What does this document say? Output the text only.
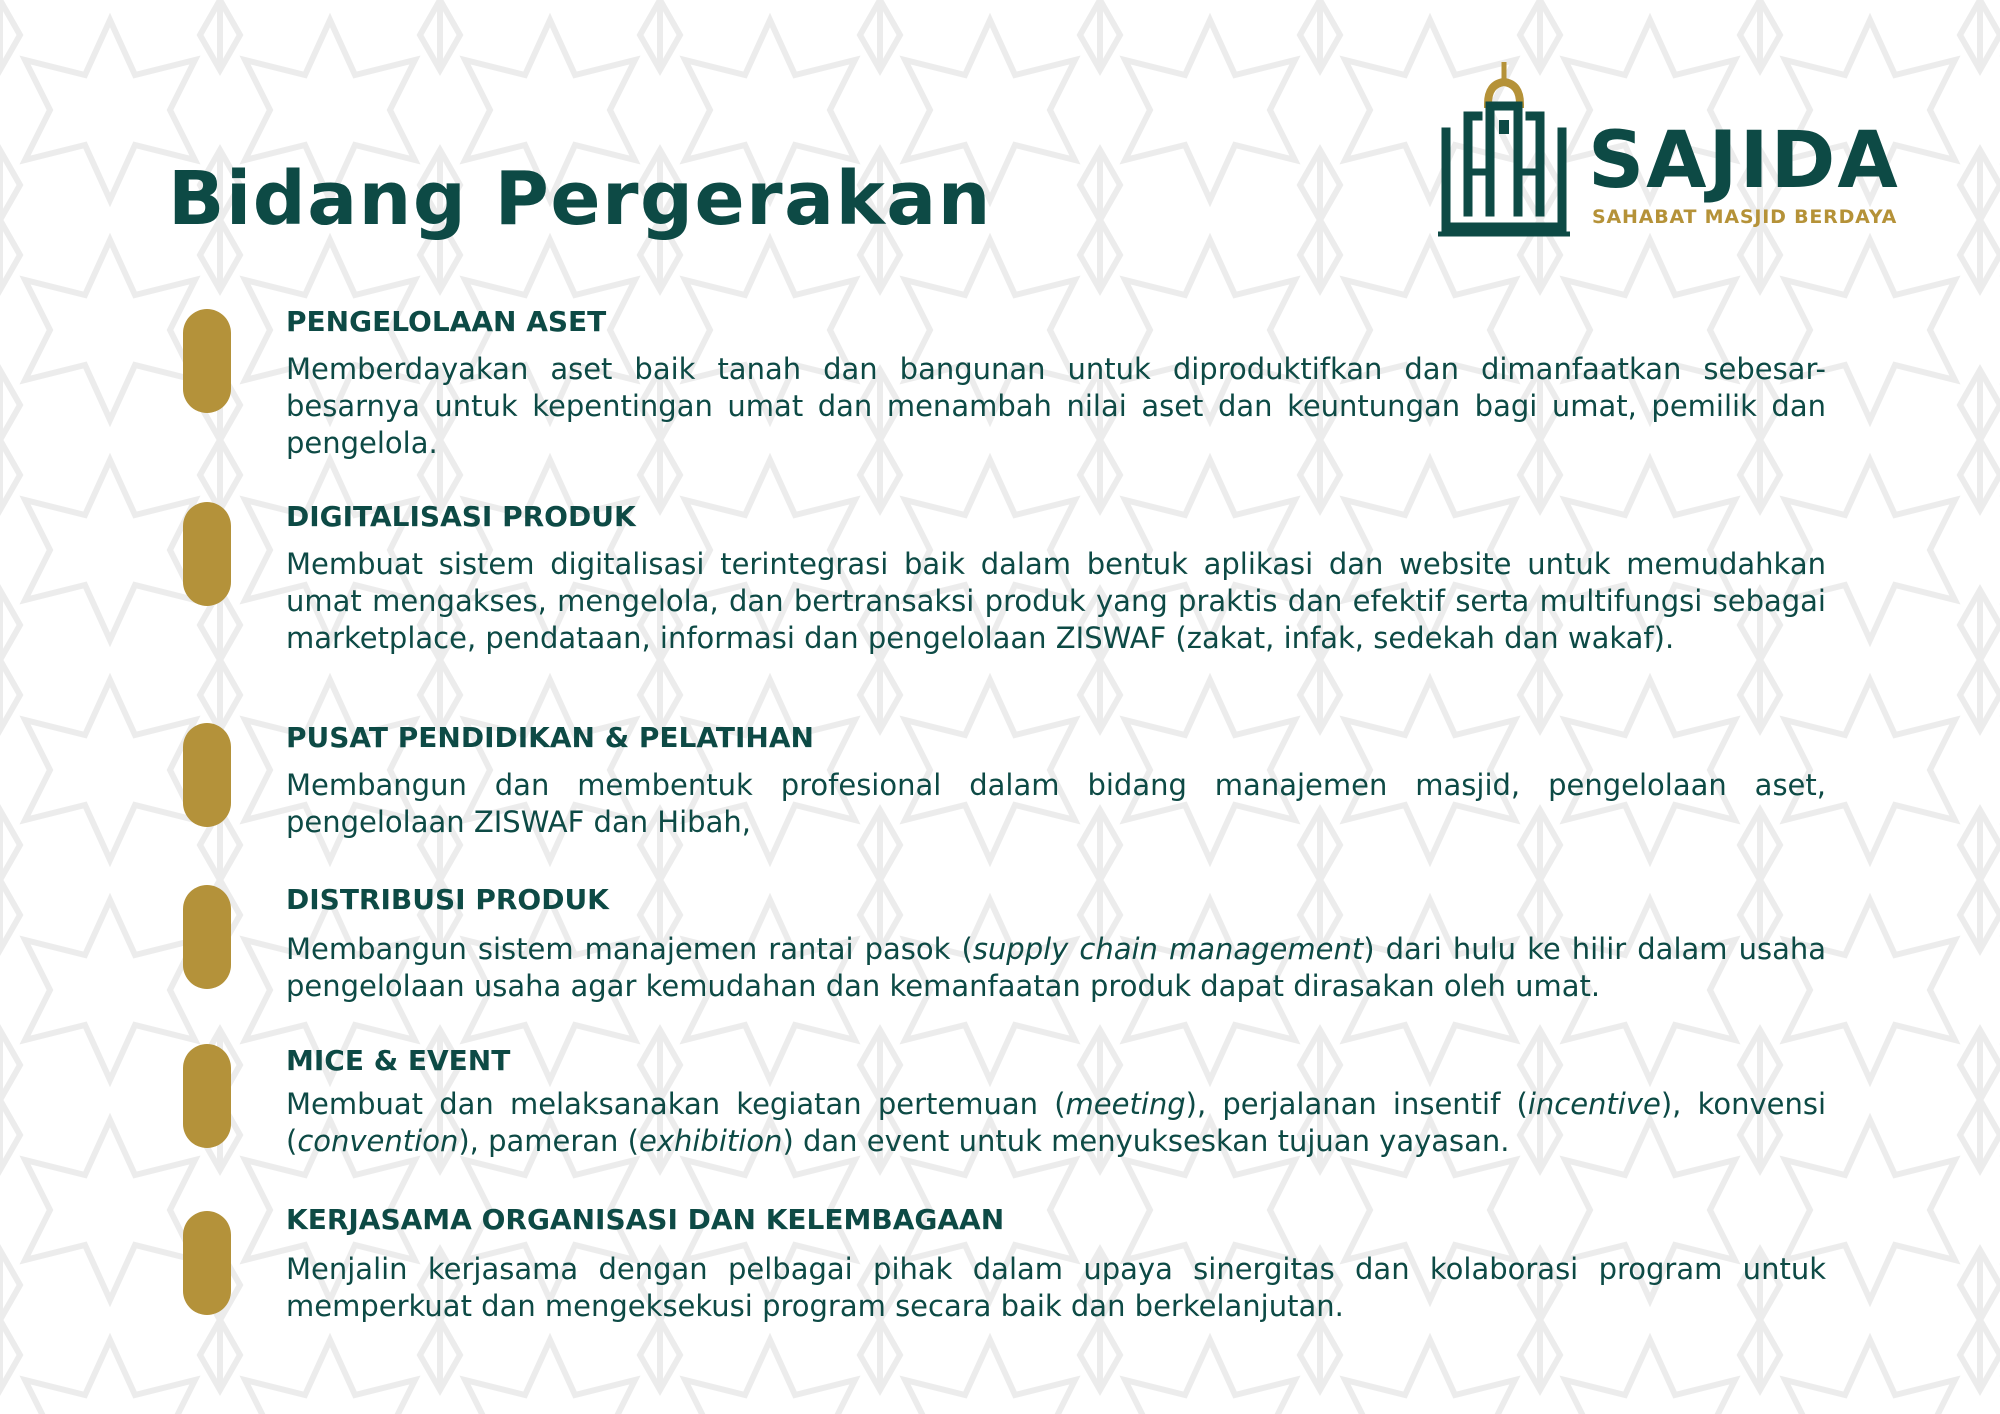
Bidang Pergerakan	SAJIDA
SAHABAT MASJID BERDAYA
PENGELOLAAN ASET

Memberdayakan aset baik tanah dan bangunan untuk diproduktifkan dan dimanfaatkan sebesar-besarnya untuk kepentingan umat dan menambah nilai aset dan keuntungan bagi umat, pemilik dan pengelola.

DIGITALISASI PRODUK

Membuat sistem digitalisasi terintegrasi baik dalam bentuk aplikasi dan website untuk memudahkan umat mengakses, mengelola, dan bertransaksi produk yang praktis dan efektif serta multifungsi sebagai marketplace, pendataan, informasi dan pengelolaan ZISWAF (zakat, infak, sedekah dan wakaf).

PUSAT PENDIDIKAN & PELATIHAN

Membangun dan membentuk profesional dalam bidang manajemen masjid, pengelolaan aset, pengelolaan ZISWAF dan Hibah,

DISTRIBUSI PRODUK

Membangun sistem manajemen rantai pasok (supply chain management) dari hulu ke hilir dalam usaha pengelolaan usaha agar kemudahan dan kemanfaatan produk dapat dirasakan oleh umat.

MICE & EVENT

Membuat dan melaksanakan kegiatan pertemuan (meeting), perjalanan insentif (incentive), konvensi (convention), pameran (exhibition) dan event untuk menyukseskan tujuan yayasan.

KERJASAMA ORGANISASI DAN KELEMBAGAAN

Menjalin kerjasama dengan pelbagai pihak dalam upaya sinergitas dan kolaborasi program untuk memperkuat dan mengeksekusi program secara baik dan berkelanjutan.
